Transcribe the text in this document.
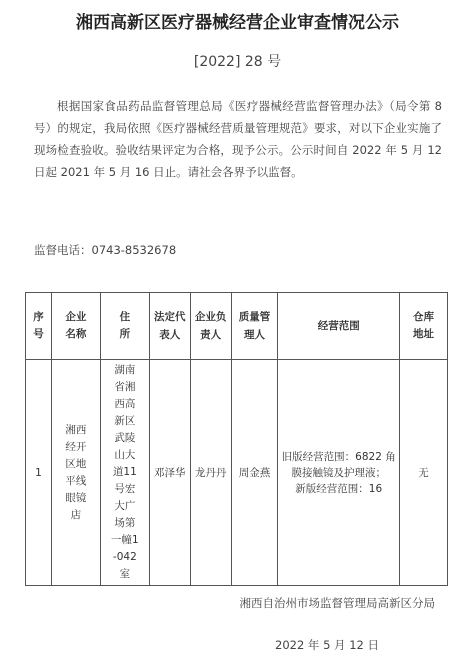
湘西高新区医疗器械经营企业审查情况公示
[2022] 28 号

根据国家食品药品监督管理总局《医疗器械经营监督管理办法》（局令第 8 号）的规定，我局依照《医疗器械经营质量管理规范》要求，对以下企业实施了现场检查验收。验收结果评定为合格，现予公示。公示时间自 2022 年 5 月 12 日起 2021 年 5 月 16 日止。请社会各界予以监督。

监督电话：0743-8532678
序号	企业名称	住所	法定代表人	企业负责人	质量管理人	经营范围	仓库地址

1	湘西经开区地平线眼镜店	湖南省湘西高新区武陵山大道11号宏大广场第一幢1-042室	邓泽华	龙丹丹	周金燕	旧版经营范围：6822 角膜接触镜及护理液；
新版经营范围：16	无
湘西自治州市场监督管理局高新区分局
2022 年 5 月 12 日
